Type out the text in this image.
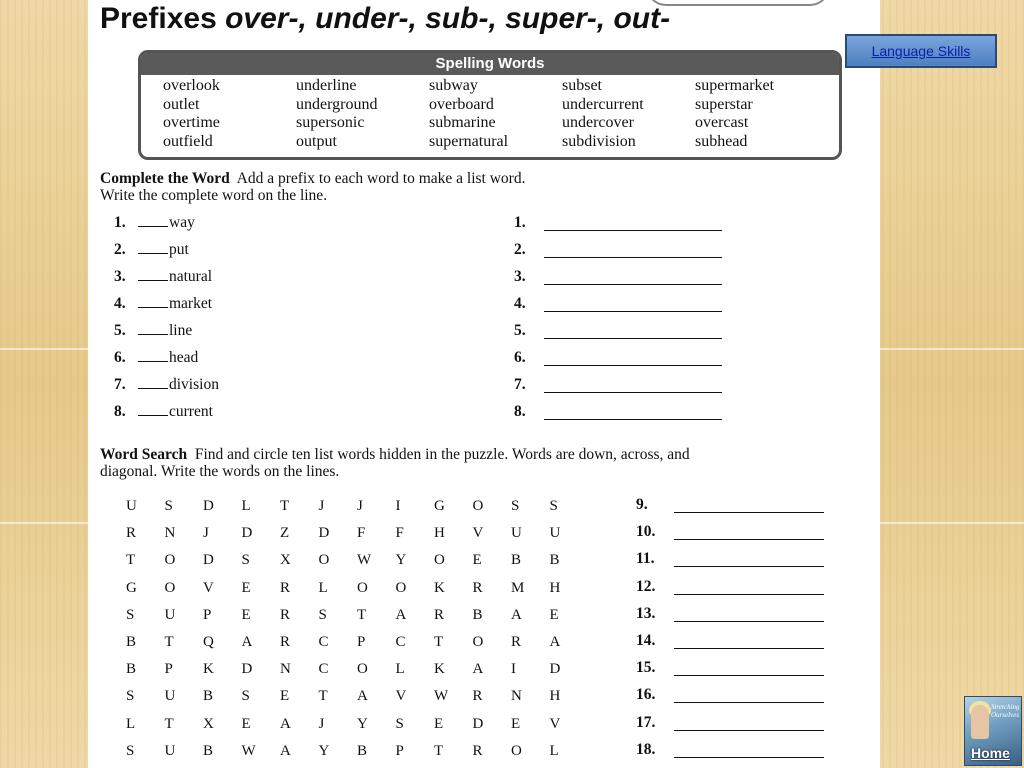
Prefixes over-, under-, sub-, super-, out-
Spelling Words
overlook	underline	subway	subset	supermarket
outlet	underground	overboard	undercurrent	superstar
overtime	supersonic	submarine	undercover	overcast
outfield	output	supernatural	subdivision	subhead
Complete the Word Add a prefix to each word to make a list word.
Write the complete word on the line.
1.	way	1.
2.	put	2.
3.	natural	3.
4.	market	4.
5.	line	5.
6.	head	6.
7.	division	7.
8.	current	8.
Word Search Find and circle ten list words hidden in the puzzle. Words are down, across, and
diagonal. Write the words on the lines.
U	S	D	L	T	J	J	I	G	O	S	S
R	N	J	D	Z	D	F	F	H	V	U	U
T	O	D	S	X	O	W	Y	O	E	B	B
G	O	V	E	R	L	O	O	K	R	M	H
S	U	P	E	R	S	T	A	R	B	A	E
B	T	Q	A	R	C	P	C	T	O	R	A
B	P	K	D	N	C	O	L	K	A	I	D
S	U	B	S	E	T	A	V	W	R	N	H
L	T	X	E	A	J	Y	S	E	D	E	V
S	U	B	W	A	Y	B	P	T	R	O	L
9.
10.
11.
12.
13.
14.
15.
16.
17.
18.
Language Skills
Stretching Ourselves
Home
